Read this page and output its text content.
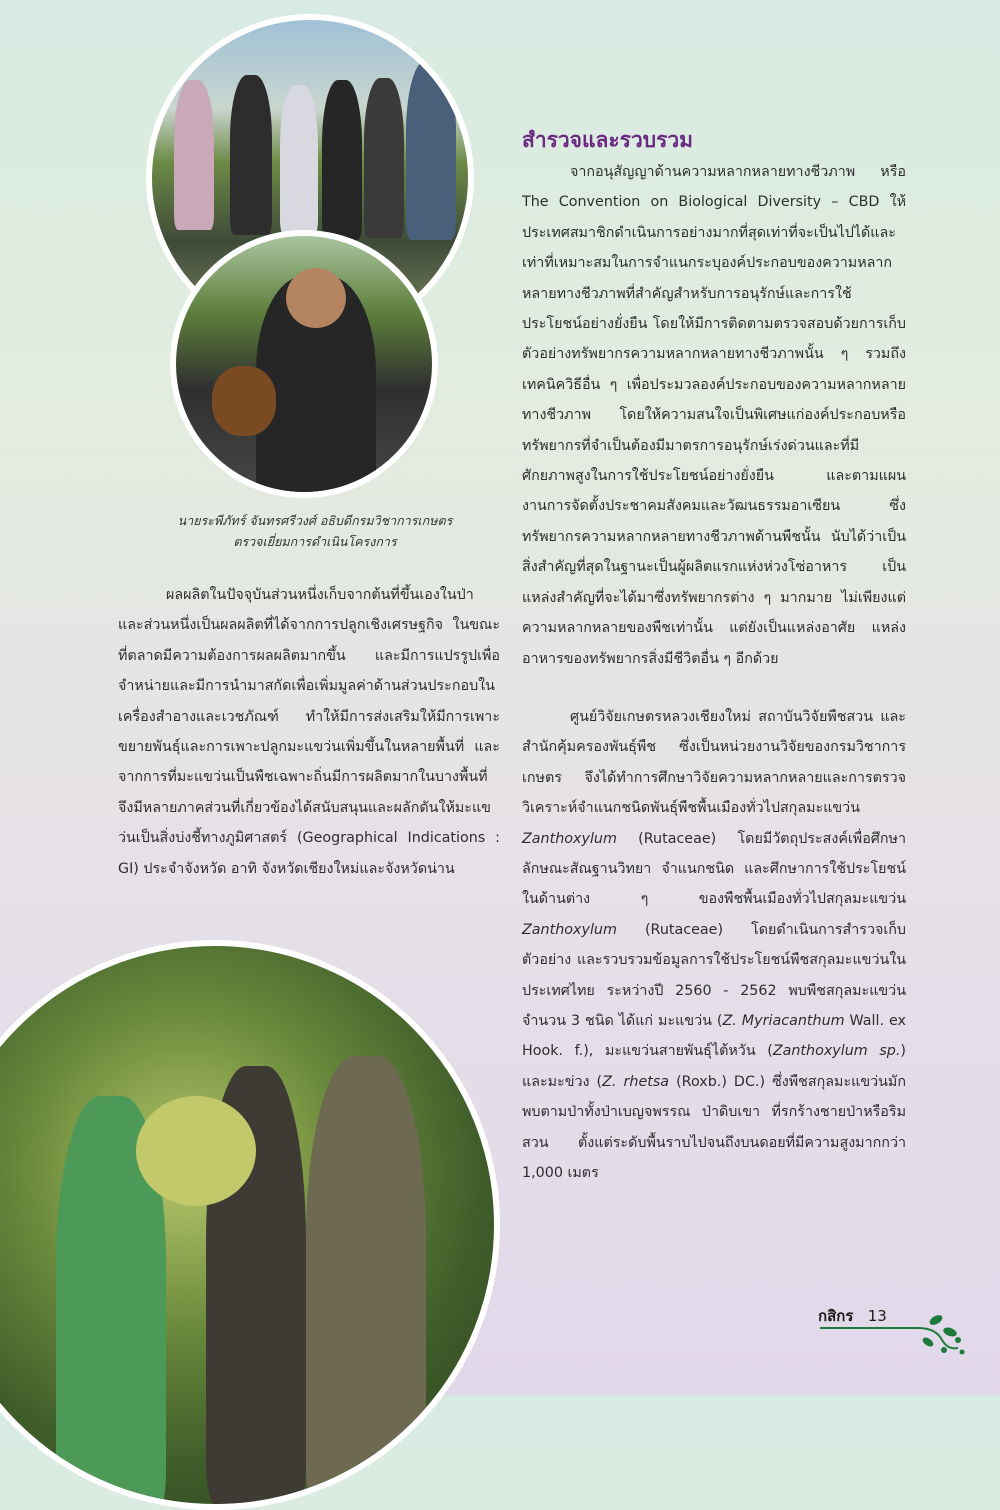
นายระพีภัทร์ จันทรศรีวงศ์ อธิบดีกรมวิชาการเกษตร
ตรวจเยี่ยมการดำเนินโครงการ

ผลผลิตในปัจจุบันส่วนหนึ่งเก็บจากต้นที่ขึ้นเองในป่า และส่วนหนึ่งเป็นผลผลิตที่ได้จากการปลูกเชิงเศรษฐกิจ ในขณะที่ตลาดมีความต้องการผลผลิตมากขึ้น และมีการแปรรูปเพื่อจำหน่ายและมีการนำมาสกัดเพื่อเพิ่มมูลค่าด้านส่วนประกอบในเครื่องสำอางและเวชภัณฑ์ ทำให้มีการส่งเสริมให้มีการเพาะขยายพันธุ์และการเพาะปลูกมะแขว่นเพิ่มขึ้นในหลายพื้นที่ และจากการที่มะแขว่นเป็นพืชเฉพาะถิ่นมีการผลิตมากในบางพื้นที่ จึงมีหลายภาคส่วนที่เกี่ยวข้องได้สนับสนุนและผลักดันให้มะแขว่นเป็นสิ่งบ่งชี้ทางภูมิศาสตร์ (Geographical Indications : GI) ประจำจังหวัด อาทิ จังหวัดเชียงใหม่และจังหวัดน่าน

สำรวจและรวบรวม

จากอนุสัญญาด้านความหลากหลายทางชีวภาพ หรือ The Convention on Biological Diversity – CBD ให้ประเทศสมาชิกดำเนินการอย่างมากที่สุดเท่าที่จะเป็นไปได้และเท่าที่เหมาะสมในการจำแนกระบุองค์ประกอบของความหลากหลายทางชีวภาพที่สำคัญสำหรับการอนุรักษ์และการใช้ประโยชน์อย่างยั่งยืน โดยให้มีการติดตามตรวจสอบด้วยการเก็บตัวอย่างทรัพยากรความหลากหลายทางชีวภาพนั้น ๆ รวมถึงเทคนิควิธีอื่น ๆ เพื่อประมวลองค์ประกอบของความหลากหลายทางชีวภาพ โดยให้ความสนใจเป็นพิเศษแก่องค์ประกอบหรือทรัพยากรที่จำเป็นต้องมีมาตรการอนุรักษ์เร่งด่วนและที่มีศักยภาพสูงในการใช้ประโยชน์อย่างยั่งยืน และตามแผนงานการจัดตั้งประชาคมสังคมและวัฒนธรรมอาเซียน ซึ่งทรัพยากรความหลากหลายทางชีวภาพด้านพืชนั้น นับได้ว่าเป็นสิ่งสำคัญที่สุดในฐานะเป็นผู้ผลิตแรกแห่งห่วงโซ่อาหาร เป็นแหล่งสำคัญที่จะได้มาซึ่งทรัพยากรต่าง ๆ มากมาย ไม่เพียงแต่ความหลากหลายของพืชเท่านั้น แต่ยังเป็นแหล่งอาศัย แหล่งอาหารของทรัพยากรสิ่งมีชีวิตอื่น ๆ อีกด้วย

ศูนย์วิจัยเกษตรหลวงเชียงใหม่ สถาบันวิจัยพืชสวน และสำนักคุ้มครองพันธุ์พืช ซึ่งเป็นหน่วยงานวิจัยของกรมวิชาการเกษตร จึงได้ทำการศึกษาวิจัยความหลากหลายและการตรวจวิเคราะห์จำแนกชนิดพันธุ์พืชพื้นเมืองทั่วไปสกุลมะแขว่น Zanthoxylum (Rutaceae) โดยมีวัตถุประสงค์เพื่อศึกษาลักษณะสัณฐานวิทยา จำแนกชนิด และศึกษาการใช้ประโยชน์ในด้านต่าง ๆ ของพืชพื้นเมืองทั่วไปสกุลมะแขว่น Zanthoxylum (Rutaceae) โดยดำเนินการสำรวจเก็บตัวอย่าง และรวบรวมข้อมูลการใช้ประโยชน์พืชสกุลมะแขว่นในประเทศไทย ระหว่างปี 2560 - 2562 พบพืชสกุลมะแขว่นจำนวน 3 ชนิด ได้แก่ มะแขว่น (Z. Myriacanthum Wall. ex Hook. f.), มะแขว่นสายพันธุ์ไต้หวัน (Zanthoxylum sp.) และมะข่วง (Z. rhetsa (Roxb.) DC.) ซึ่งพืชสกุลมะแขว่นมักพบตามป่าทั้งป่าเบญจพรรณ ป่าดิบเขา ที่รกร้างชายป่าหรือริมสวน ตั้งแต่ระดับพื้นราบไปจนถึงบนดอยที่มีความสูงมากกว่า 1,000 เมตร

กสิกร 13
